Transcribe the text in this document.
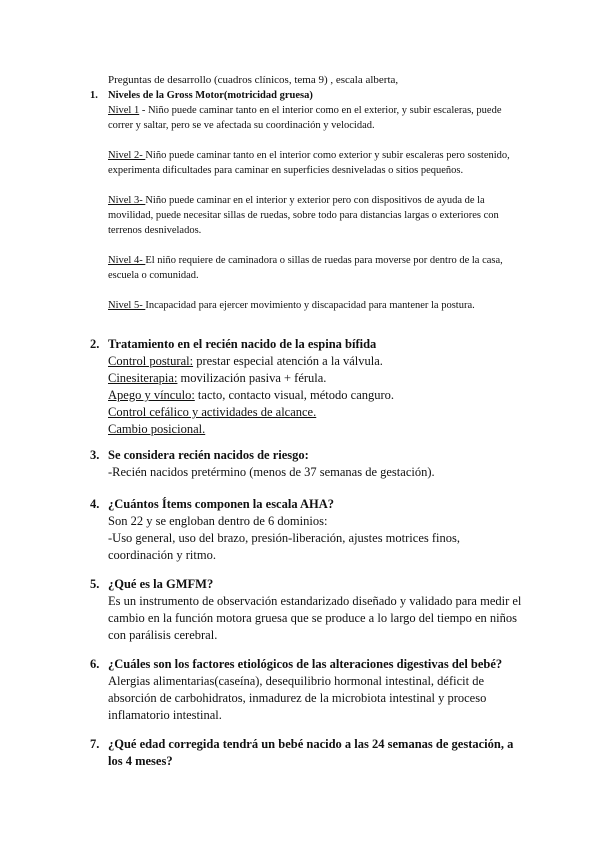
Preguntas de desarrollo (cuadros clínicos, tema 9) , escala alberta,
1. Niveles de la Gross Motor(motricidad gruesa)

Nivel 1 - Niño puede caminar tanto en el interior como en el exterior, y subir escaleras, puede correr y saltar, pero se ve afectada su coordinación y velocidad.

Nivel 2- Niño puede caminar tanto en el interior como exterior y subir escaleras pero sostenido, experimenta dificultades para caminar en superficies desniveladas o sitios pequeños.

Nivel 3- Niño puede caminar en el interior y exterior pero con dispositivos de ayuda de la movilidad, puede necesitar sillas de ruedas, sobre todo para distancias largas o exteriores con terrenos desnivelados.

Nivel 4- El niño requiere de caminadora o sillas de ruedas para moverse por dentro de la casa, escuela o comunidad.

Nivel 5- Incapacidad para ejercer movimiento y discapacidad para mantener la postura.

2. Tratamiento en el recién nacido de la espina bífida

Control postural: prestar especial atención a la válvula.

Cinesiterapia: movilización pasiva + férula.

Apego y vínculo: tacto, contacto visual, método canguro.

Control cefálico y actividades de alcance.

Cambio posicional.

3. Se considera recién nacidos de riesgo:

-Recién nacidos pretérmino (menos de 37 semanas de gestación).

4. ¿Cuántos Ítems componen la escala AHA?

Son 22 y se engloban dentro de 6 dominios:

-Uso general, uso del brazo, presión-liberación, ajustes motrices finos, coordinación y ritmo.

5. ¿Qué es la GMFM?

Es un instrumento de observación estandarizado diseñado y validado para medir el cambio en la función motora gruesa que se produce a lo largo del tiempo en niños con parálisis cerebral.

6. ¿Cuáles son los factores etiológicos de las alteraciones digestivas del bebé?

Alergias alimentarias(caseína), desequilibrio hormonal intestinal, déficit de absorción de carbohidratos, inmadurez de la microbiota intestinal y proceso inflamatorio intestinal.

7. ¿Qué edad corregida tendrá un bebé nacido a las 24 semanas de gestación, a los 4 meses?
